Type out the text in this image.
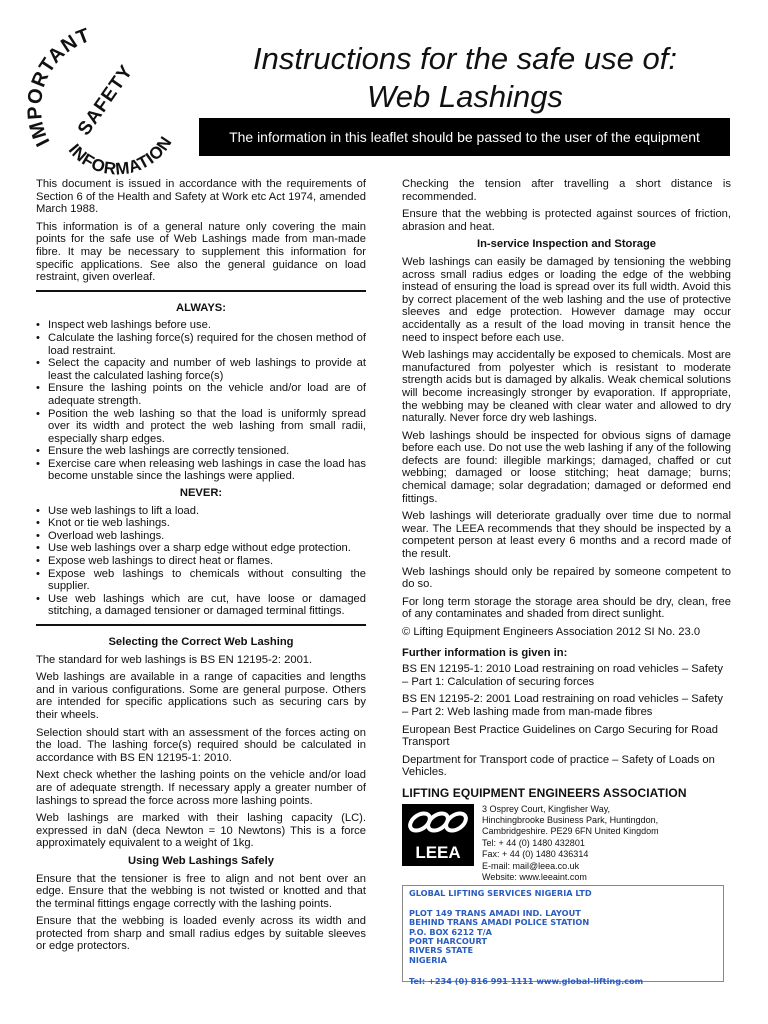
IMPORTANT
SAFETY
INFORMATION
Instructions for the safe use of:
Web Lashings
The information in this leaflet should be passed to the user of the equipment

This document is issued in accordance with the requirements of Section 6 of the Health and Safety at Work etc Act 1974, amended March 1988.

This information is of a general nature only covering the main points for the safe use of Web Lashings made from man-made fibre. It may be necessary to supplement this information for specific applications. See also the general guidance on load restraint, given overleaf.

ALWAYS:
• Inspect web lashings before use.
• Calculate the lashing force(s) required for the chosen method of load restraint.
• Select the capacity and number of web lashings to provide at least the calculated lashing force(s)
• Ensure the lashing points on the vehicle and/or load are of adequate strength.
• Position the web lashing so that the load is uniformly spread over its width and protect the web lashing from small radii, especially sharp edges.
• Ensure the web lashings are correctly tensioned.
• Exercise care when releasing web lashings in case the load has become unstable since the lashings were applied.
NEVER:
• Use web lashings to lift a load.
• Knot or tie web lashings.
• Overload web lashings.
• Use web lashings over a sharp edge without edge protection.
• Expose web lashings to direct heat or flames.
• Expose web lashings to chemicals without consulting the supplier.
• Use web lashings which are cut, have loose or damaged stitching, a damaged tensioner or damaged terminal fittings.
Selecting the Correct Web Lashing

The standard for web lashings is BS EN 12195-2: 2001.

Web lashings are available in a range of capacities and lengths and in various configurations. Some are general purpose. Others are intended for specific applications such as securing cars by their wheels.

Selection should start with an assessment of the forces acting on the load. The lashing force(s) required should be calculated in accordance with BS EN 12195-1: 2010.

Next check whether the lashing points on the vehicle and/or load are of adequate strength. If necessary apply a greater number of lashings to spread the force across more lashing points.

Web lashings are marked with their lashing capacity (LC). expressed in daN (deca Newton = 10 Newtons) This is a force approximately equivalent to a weight of 1kg.

Using Web Lashings Safely

Ensure that the tensioner is free to align and not bent over an edge. Ensure that the webbing is not twisted or knotted and that the terminal fittings engage correctly with the lashing points.

Ensure that the webbing is loaded evenly across its width and protected from sharp and small radius edges by suitable sleeves or edge protectors.

Checking the tension after travelling a short distance is recommended.

Ensure that the webbing is protected against sources of friction, abrasion and heat.

In-service Inspection and Storage

Web lashings can easily be damaged by tensioning the webbing across small radius edges or loading the edge of the webbing instead of ensuring the load is spread over its full width. Avoid this by correct placement of the web lashing and the use of protective sleeves and edge protection. However damage may occur accidentally as a result of the load moving in transit hence the need to inspect before each use.

Web lashings may accidentally be exposed to chemicals. Most are manufactured from polyester which is resistant to moderate strength acids but is damaged by alkalis. Weak chemical solutions will become increasingly stronger by evaporation. If appropriate, the webbing may be cleaned with clear water and allowed to dry naturally. Never force dry web lashings.

Web lashings should be inspected for obvious signs of damage before each use. Do not use the web lashing if any of the following defects are found: illegible markings; damaged, chaffed or cut webbing; damaged or loose stitching; heat damage; burns; chemical damage; solar degradation; damaged or deformed end fittings.

Web lashings will deteriorate gradually over time due to normal wear. The LEEA recommends that they should be inspected by a competent person at least every 6 months and a record made of the result.

Web lashings should only be repaired by someone competent to do so.

For long term storage the storage area should be dry, clean, free of any contaminates and shaded from direct sunlight.

© Lifting Equipment Engineers Association 2012 SI No. 23.0

Further information is given in:

BS EN 12195-1: 2010 Load restraining on road vehicles – Safety – Part 1: Calculation of securing forces

BS EN 12195-2: 2001 Load restraining on road vehicles – Safety – Part 2: Web lashing made from man-made fibres

European Best Practice Guidelines on Cargo Securing for Road Transport

Department for Transport code of practice – Safety of Loads on Vehicles.

LIFTING EQUIPMENT ENGINEERS ASSOCIATION
LEEA
3 Osprey Court, Kingfisher Way,
Hinchingbrooke Business Park, Huntingdon,
Cambridgeshire. PE29 6FN United Kingdom
Tel: + 44 (0) 1480 432801
Fax: + 44 (0) 1480 436314
E-mail: mail@leea.co.uk
Website: www.leeaint.com
GLOBAL LIFTING SERVICES NIGERIA LTD
PLOT 149 TRANS AMADI IND. LAYOUT
BEHIND TRANS AMADI POLICE STATION
P.O. BOX 6212 T/A
PORT HARCOURT
RIVERS STATE
NIGERIA
Tel: +234 (0) 816 991 1111 www.global-lifting.com
